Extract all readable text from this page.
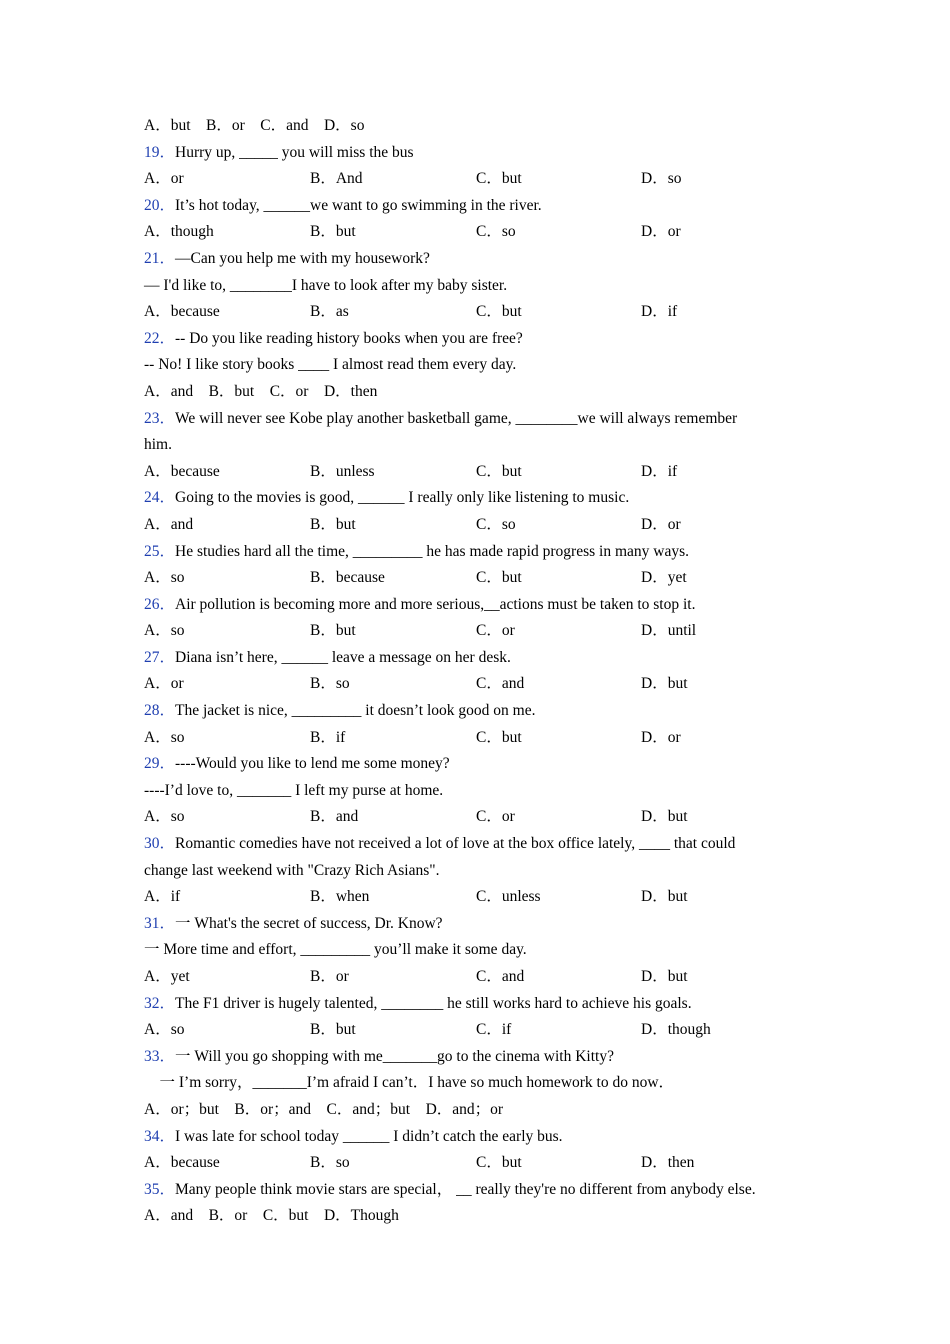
A．but　B．or　C．and　D．so
19．Hurry up, _____ you will miss the bus
A．or	B．And	C．but	D．so
20．It’s hot today, ______we want to go swimming in the river.
A．though	B．but	C．so	D．or
21．—Can you help me with my housework?
— I'd like to, ________I have to look after my baby sister.
A．because	B．as	C．but	D．if
22．-- Do you like reading history books when you are free?
-- No! I like story books ____ I almost read them every day.
A．and　B．but　C．or　D．then
23．We will never see Kobe play another basketball game, ________we will always remember
him.
A．because	B．unless	C．but	D．if
24．Going to the movies is good, ______ I really only like listening to music.
A．and	B．but	C．so	D．or
25．He studies hard all the time, _________ he has made rapid progress in many ways.
A．so	B．because	C．but	D．yet
26．Air pollution is becoming more and more serious,__actions must be taken to stop it.
A．so	B．but	C．or	D．until
27．Diana isn’t here, ______ leave a message on her desk.
A．or	B．so	C．and	D．but
28．The jacket is nice, _________ it doesn’t look good on me.
A．so	B．if	C．but	D．or
29．----Would you like to lend me some money?
----I’d love to, _______ I left my purse at home.
A．so	B．and	C．or	D．but
30．Romantic comedies have not received a lot of love at the box office lately, ____ that could
change last weekend with "Crazy Rich Asians".
A．if	B．when	C．unless	D．but
31．一 What's the secret of success, Dr. Know?
一 More time and effort, _________ you’ll make it some day.
A．yet	B．or	C．and	D．but
32．The F1 driver is hugely talented, ________ he still works hard to achieve his goals.
A．so	B．but	C．if	D．though
33．一 Will you go shopping with me_______go to the cinema with Kitty?
　一 I’m sorry，_______I’m afraid I can’t．I have so much homework to do now．
A．or；but　B．or；and　C．and；but　D．and；or
34．I was late for school today ______ I didn’t catch the early bus.
A．because	B．so	C．but	D．then
35．Many people think movie stars are special， __ really they're no different from anybody else.
A．and　B．or　C．but　D．Though
